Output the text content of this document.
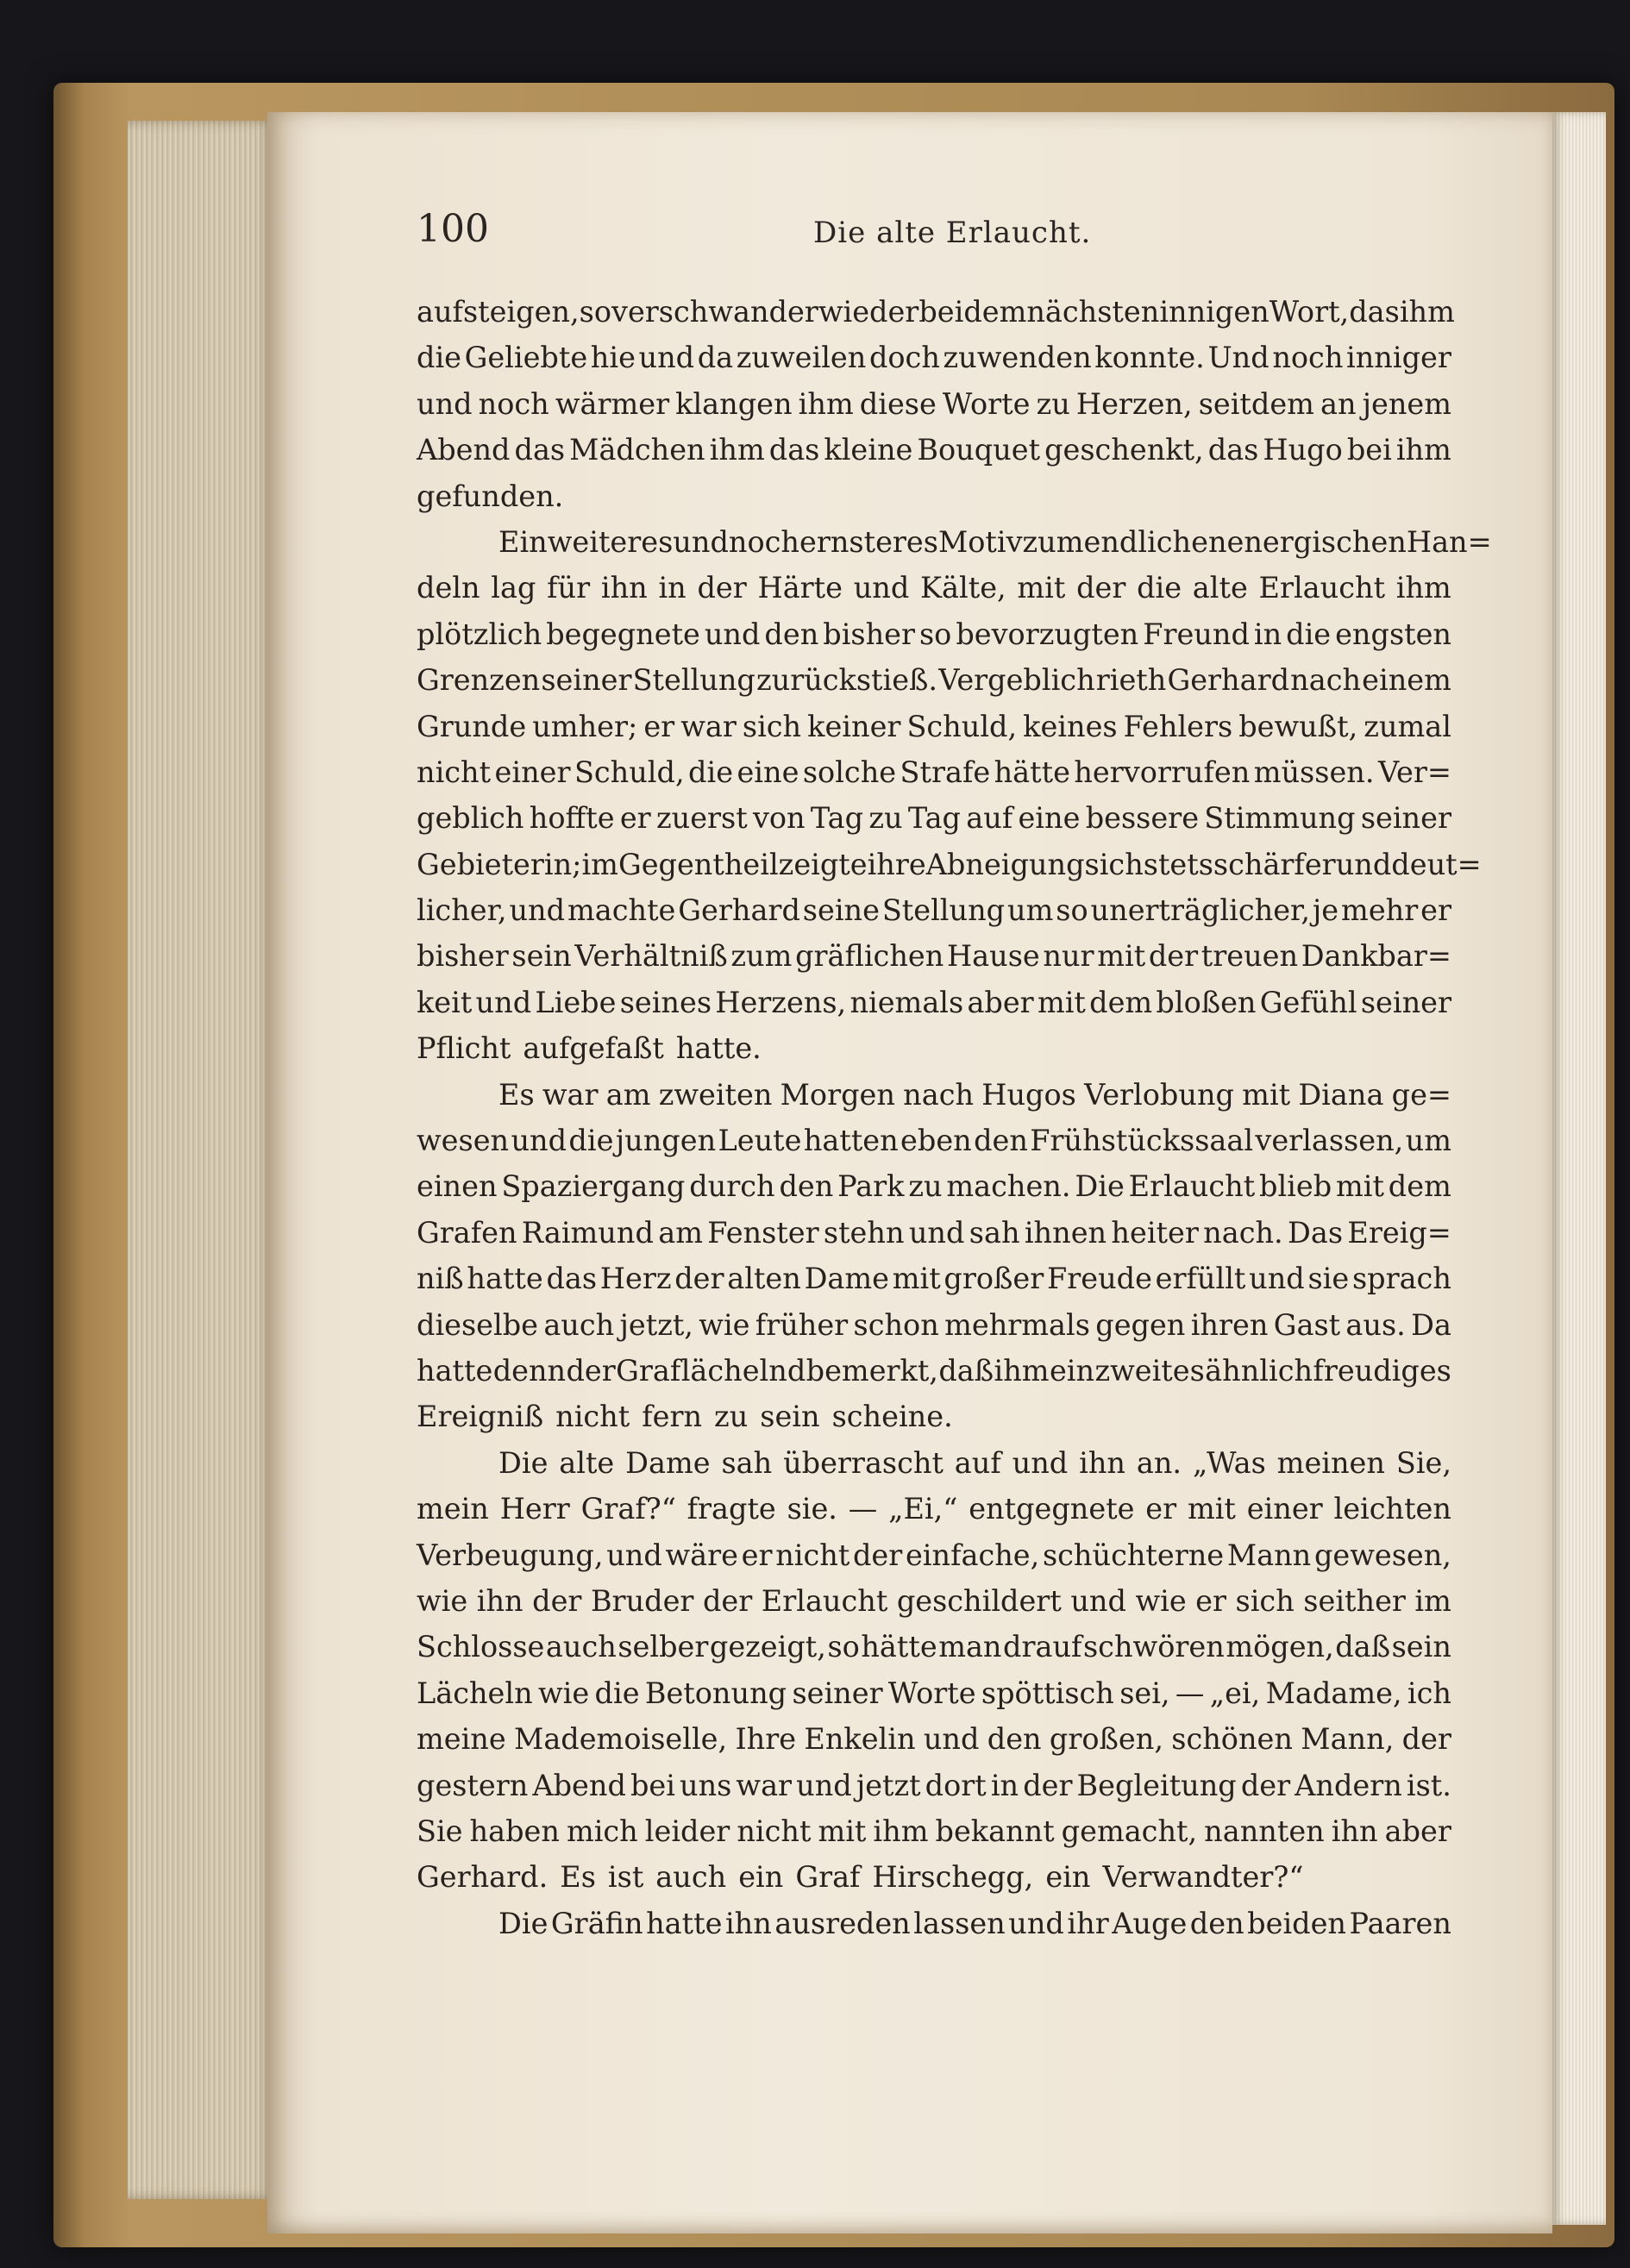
100	Die alte Erlaucht.
aufsteigen, so verschwand er wieder bei dem nächsten innigen Wort, das ihm
die Geliebte hie und da zuweilen doch zuwenden konnte. Und noch inniger
und noch wärmer klangen ihm diese Worte zu Herzen, seitdem an jenem
Abend das Mädchen ihm das kleine Bouquet geschenkt, das Hugo bei ihm
gefunden.
Ein weiteres und noch ernsteres Motiv zum endlichen energischen Han=
deln lag für ihn in der Härte und Kälte, mit der die alte Erlaucht ihm
plötzlich begegnete und den bisher so bevorzugten Freund in die engsten
Grenzen seiner Stellung zurückstieß. Vergeblich rieth Gerhard nach einem
Grunde umher; er war sich keiner Schuld, keines Fehlers bewußt, zumal
nicht einer Schuld, die eine solche Strafe hätte hervorrufen müssen. Ver=
geblich hoffte er zuerst von Tag zu Tag auf eine bessere Stimmung seiner
Gebieterin; im Gegentheil zeigte ihre Abneigung sich stets schärfer und deut=
licher, und machte Gerhard seine Stellung um so unerträglicher, je mehr er
bisher sein Verhältniß zum gräflichen Hause nur mit der treuen Dankbar=
keit und Liebe seines Herzens, niemals aber mit dem bloßen Gefühl seiner
Pflicht aufgefaßt hatte.
Es war am zweiten Morgen nach Hugos Verlobung mit Diana ge=
wesen und die jungen Leute hatten eben den Frühstückssaal verlassen, um
einen Spaziergang durch den Park zu machen. Die Erlaucht blieb mit dem
Grafen Raimund am Fenster stehn und sah ihnen heiter nach. Das Ereig=
niß hatte das Herz der alten Dame mit großer Freude erfüllt und sie sprach
dieselbe auch jetzt, wie früher schon mehrmals gegen ihren Gast aus. Da
hatte denn der Graf lächelnd bemerkt, daß ihm ein zweites ähnlich freudiges
Ereigniß nicht fern zu sein scheine.
Die alte Dame sah überrascht auf und ihn an. „Was meinen Sie,
mein Herr Graf?“ fragte sie. — „Ei,“ entgegnete er mit einer leichten
Verbeugung, und wäre er nicht der einfache, schüchterne Mann gewesen,
wie ihn der Bruder der Erlaucht geschildert und wie er sich seither im
Schlosse auch selber gezeigt, so hätte man drauf schwören mögen, daß sein
Lächeln wie die Betonung seiner Worte spöttisch sei, — „ei, Madame, ich
meine Mademoiselle, Ihre Enkelin und den großen, schönen Mann, der
gestern Abend bei uns war und jetzt dort in der Begleitung der Andern ist.
Sie haben mich leider nicht mit ihm bekannt gemacht, nannten ihn aber
Gerhard. Es ist auch ein Graf Hirschegg, ein Verwandter?“
Die Gräfin hatte ihn ausreden lassen und ihr Auge den beiden Paaren
